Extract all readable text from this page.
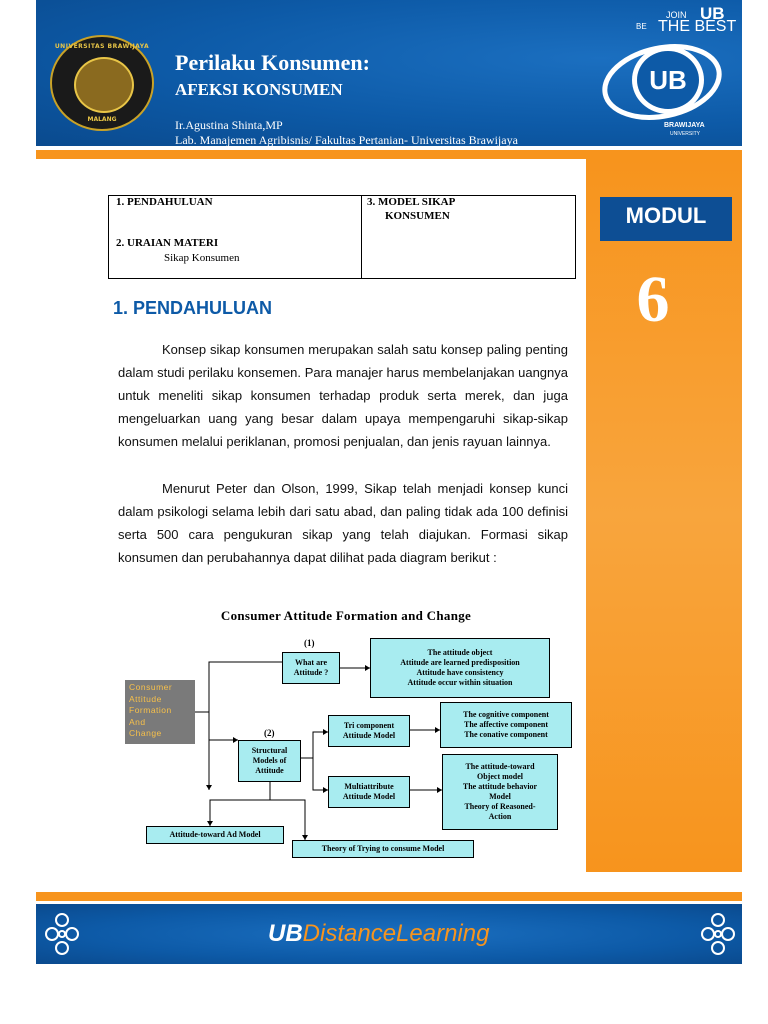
UNIVERSITAS BRAWIJAYA
MALANG
Perilaku Konsumen:
AFEKSI KONSUMEN
Ir.Agustina Shinta,MP
Lab. Manajemen Agribisnis/ Fakultas Pertanian- Universitas Brawijaya
JOIN UB
BE THE BEST
UB
BRAWIJAYA
UNIVERSITY
MODUL
6
1. PENDAHULUAN
2. URAIAN MATERI
Sikap Konsumen
3. MODEL SIKAP
KONSUMEN
1. PENDAHULUAN
Konsep sikap konsumen merupakan salah satu konsep paling penting dalam studi perilaku konsemen. Para manajer harus membelanjakan uangnya untuk meneliti sikap konsumen terhadap produk serta merek, dan juga mengeluarkan uang yang besar dalam upaya mempengaruhi sikap-sikap konsumen melalui periklanan, promosi penjualan, dan jenis rayuan lainnya.
Menurut Peter dan Olson, 1999, Sikap telah menjadi konsep kunci dalam psikologi selama lebih dari satu abad, dan paling tidak ada 100 definisi serta 500 cara pengukuran sikap yang telah diajukan. Formasi sikap konsumen dan perubahannya dapat dilihat pada diagram berikut :
Consumer Attitude Formation and Change
Consumer
Attitude
Formation
And
Change
(1)
(2)
What are
Attitude ?
The attitude object
Attitude are learned predisposition
Attitude have consistency
Attitude occur within situation
Structural
Models of
Attitude
Tri component
Attitude Model
The cognitive component
The affective component
The conative component
Multiattribute
Attitude Model
The attitude-toward
Object model
The attitude behavior
Model
Theory of Reasoned-
Action
Attitude-toward Ad Model
Theory of Trying to consume Model
UBDistanceLearning
